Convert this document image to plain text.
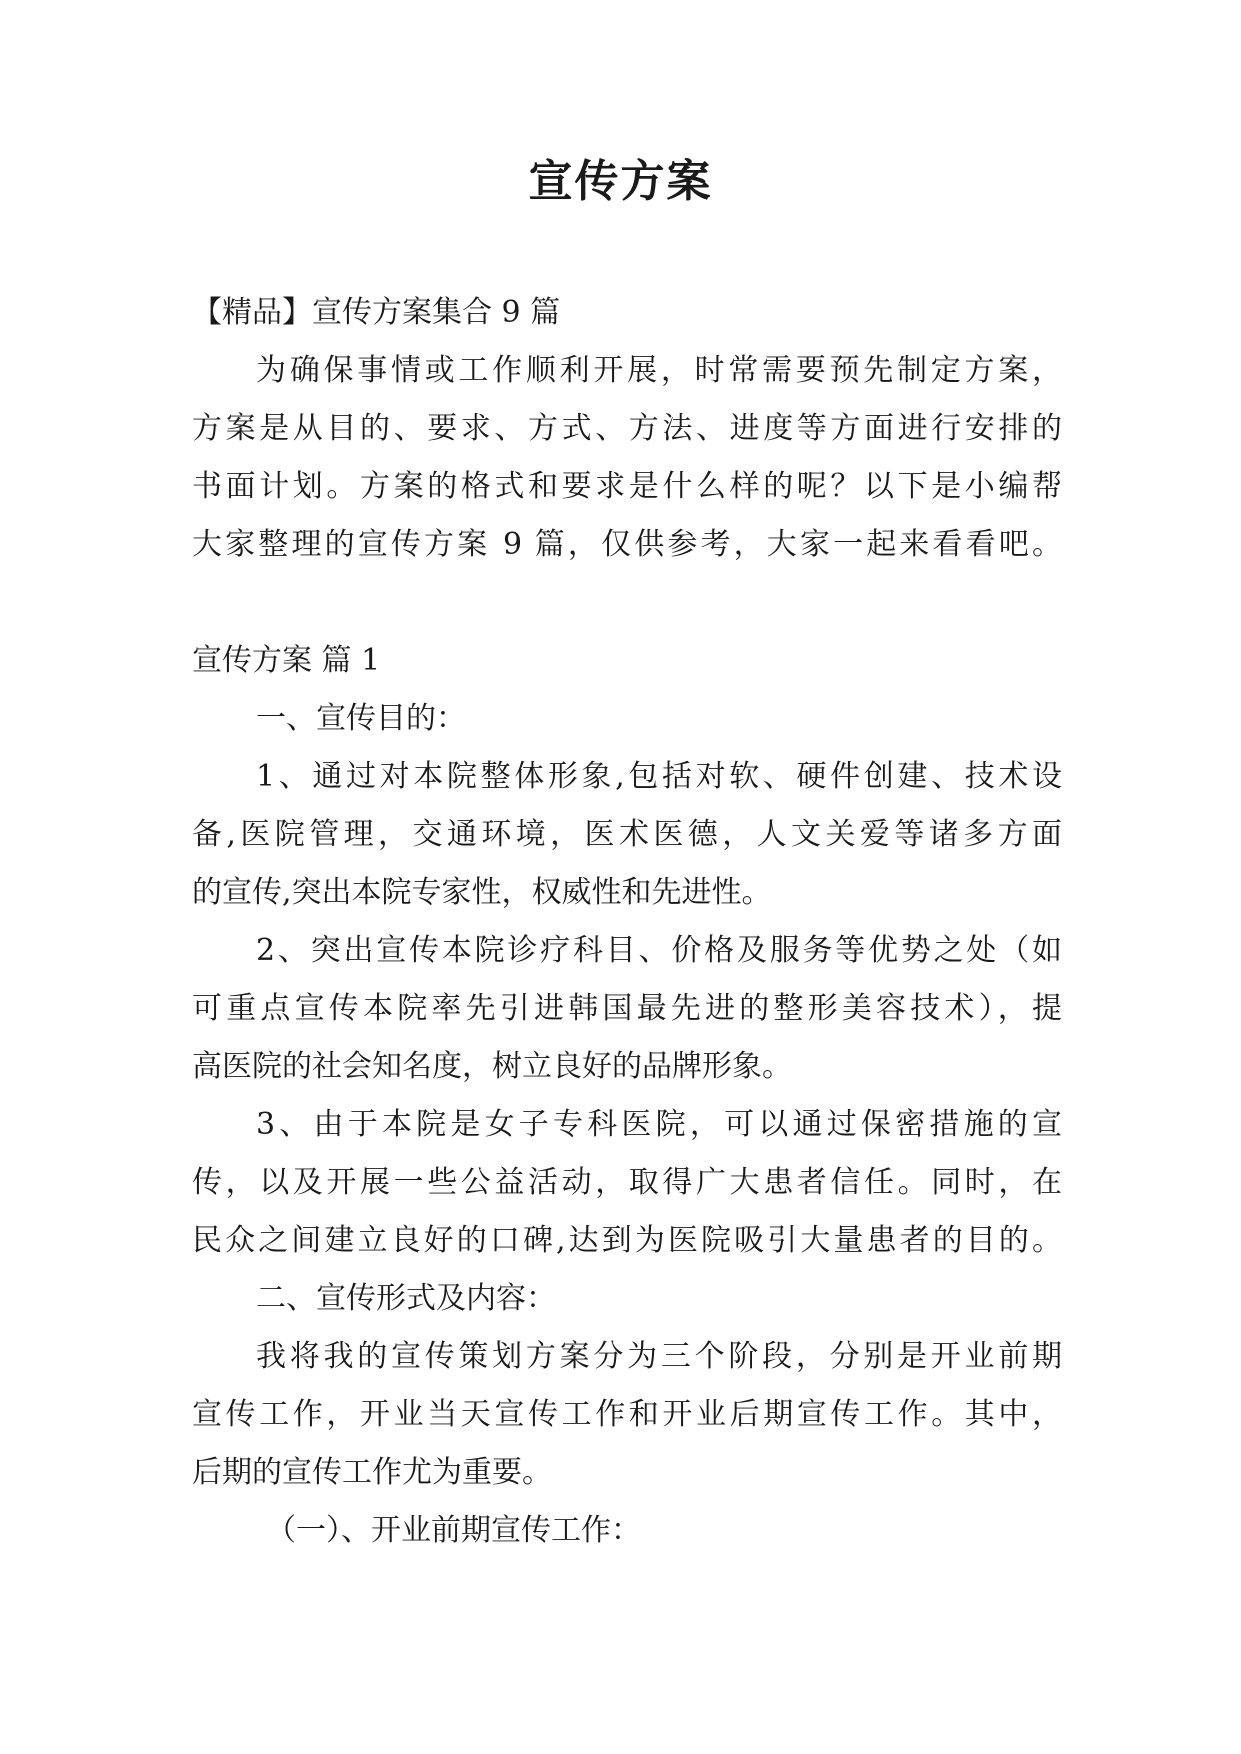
宣传方案
【精品】宣传方案集合 9 篇
为确保事情或工作顺利开展，时常需要预先制定方案，
方案是从目的、要求、方式、方法、进度等方面进行安排的
书面计划。方案的格式和要求是什么样的呢？以下是小编帮
大家整理的宣传方案 9 篇，仅供参考，大家一起来看看吧。
宣传方案 篇 1
一、宣传目的：
1、通过对本院整体形象,包括对软、硬件创建、技术设
备,医院管理，交通环境，医术医德，人文关爱等诸多方面
的宣传,突出本院专家性，权威性和先进性。
2、突出宣传本院诊疗科目、价格及服务等优势之处（如
可重点宣传本院率先引进韩国最先进的整形美容技术），提
高医院的社会知名度，树立良好的品牌形象。
3、由于本院是女子专科医院，可以通过保密措施的宣
传，以及开展一些公益活动，取得广大患者信任。同时，在
民众之间建立良好的口碑,达到为医院吸引大量患者的目的。
二、宣传形式及内容：
我将我的宣传策划方案分为三个阶段，分别是开业前期
宣传工作，开业当天宣传工作和开业后期宣传工作。其中，
后期的宣传工作尤为重要。
（一）、开业前期宣传工作：
